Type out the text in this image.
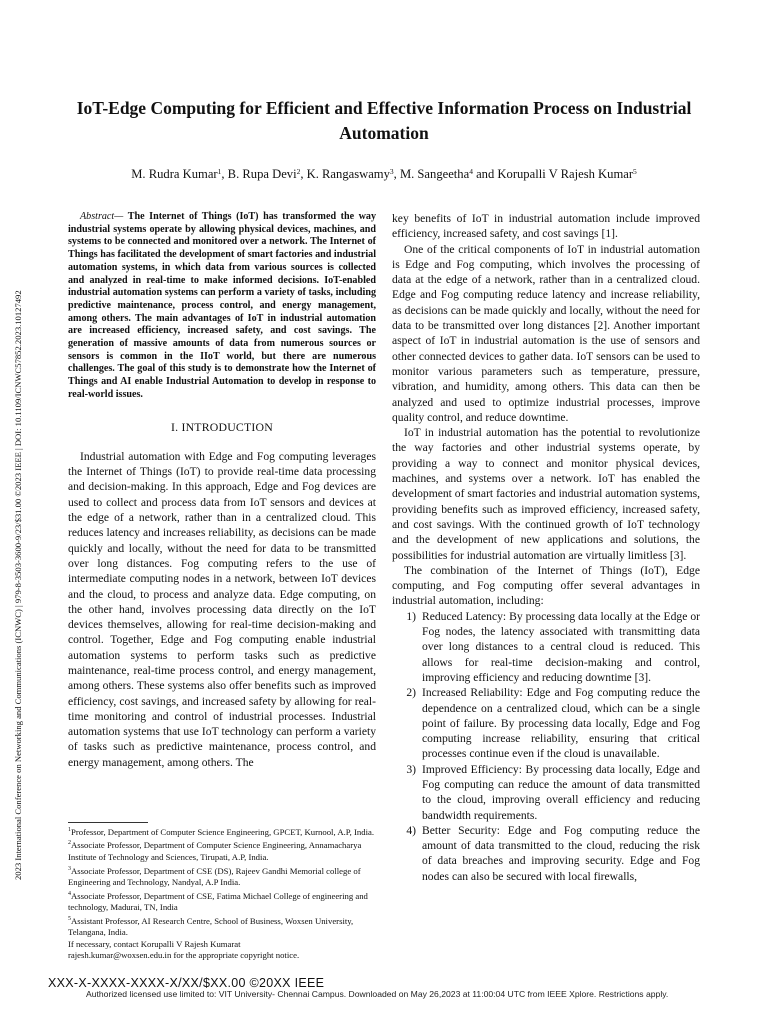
2023 International Conference on Networking and Communications (ICNWC) | 979-8-3503-3600-9/23/$31.00 ©2023 IEEE | DOI: 10.1109/ICNWC57852.2023.10127492
IoT-Edge Computing for Efficient and Effective Information Process on Industrial Automation
M. Rudra Kumar$^1$, B. Rupa Devi$^2$, K. Rangaswamy$^3$, M. Sangeetha$^4$ and Korupalli V Rajesh Kumar$^5$

Abstract— The Internet of Things (IoT) has transformed the way industrial systems operate by allowing physical devices, machines, and systems to be connected and monitored over a network. The Internet of Things has facilitated the development of smart factories and industrial automation systems, in which data from various sources is collected and analyzed in real-time to make informed decisions. IoT-enabled industrial automation systems can perform a variety of tasks, including predictive maintenance, process control, and energy management, among others. The main advantages of IoT in industrial automation are increased efficiency, increased safety, and cost savings. The generation of massive amounts of data from numerous sources or sensors is common in the IIoT world, but there are numerous challenges. The goal of this study is to demonstrate how the Internet of Things and AI enable Industrial Automation to develop in response to real-world issues.

I. INTRODUCTION

Industrial automation with Edge and Fog computing leverages the Internet of Things (IoT) to provide real-time data processing and decision-making. In this approach, Edge and Fog devices are used to collect and process data from IoT sensors and devices at the edge of a network, rather than in a centralized cloud. This reduces latency and increases reliability, as decisions can be made quickly and locally, without the need for data to be transmitted over long distances. Fog computing refers to the use of intermediate computing nodes in a network, between IoT devices and the cloud, to process and analyze data. Edge computing, on the other hand, involves processing data directly on the IoT devices themselves, allowing for real-time decision-making and control. Together, Edge and Fog computing enable industrial automation systems to perform tasks such as predictive maintenance, real-time process control, and energy management, among others. These systems also offer benefits such as improved efficiency, cost savings, and increased safety by allowing for real-time monitoring and control of industrial processes. Industrial automation systems that use IoT technology can perform a variety of tasks such as predictive maintenance, process control, and energy management, among others. The

$^1$Professor, Department of Computer Science Engineering, GPCET, Kurnool, A.P, India.

$^2$Associate Professor, Department of Computer Science Engineering, Annamacharya Institute of Technology and Sciences, Tirupati, A.P, India.

$^3$Associate Professor, Department of CSE (DS), Rajeev Gandhi Memorial college of Engineering and Technology, Nandyal, A.P India.

$^4$Associate Professor, Department of CSE, Fatima Michael College of engineering and technology, Madurai, TN, India

$^5$Assistant Professor, AI Research Centre, School of Business, Woxsen University, Telangana, India.

If necessary, contact Korupalli V Rajesh Kumarat

rajesh.kumar@woxsen.edu.in for the appropriate copyright notice.

key benefits of IoT in industrial automation include improved efficiency, increased safety, and cost savings [1].

One of the critical components of IoT in industrial automation is Edge and Fog computing, which involves the processing of data at the edge of a network, rather than in a centralized cloud. Edge and Fog computing reduce latency and increase reliability, as decisions can be made quickly and locally, without the need for data to be transmitted over long distances [2]. Another important aspect of IoT in industrial automation is the use of sensors and other connected devices to gather data. IoT sensors can be used to monitor various parameters such as temperature, pressure, vibration, and humidity, among others. This data can then be analyzed and used to optimize industrial processes, improve quality control, and reduce downtime.

IoT in industrial automation has the potential to revolutionize the way factories and other industrial systems operate, by providing a way to connect and monitor physical devices, machines, and systems over a network. IoT has enabled the development of smart factories and industrial automation systems, providing benefits such as improved efficiency, increased safety, and cost savings. With the continued growth of IoT technology and the development of new applications and solutions, the possibilities for industrial automation are virtually limitless [3].

The combination of the Internet of Things (IoT), Edge computing, and Fog computing offer several advantages in industrial automation, including:

1) Reduced Latency: By processing data locally at the Edge or Fog nodes, the latency associated with transmitting data over long distances to a central cloud is reduced. This allows for real-time decision-making and control, improving efficiency and reducing downtime [3].
2) Increased Reliability: Edge and Fog computing reduce the dependence on a centralized cloud, which can be a single point of failure. By processing data locally, Edge and Fog computing increase reliability, ensuring that critical processes continue even if the cloud is unavailable.
3) Improved Efficiency: By processing data locally, Edge and Fog computing can reduce the amount of data transmitted to the cloud, improving overall efficiency and reducing bandwidth requirements.
4) Better Security: Edge and Fog computing reduce the amount of data transmitted to the cloud, reducing the risk of data breaches and improving security. Edge and Fog nodes can also be secured with local firewalls,
XXX-X-XXXX-XXXX-X/XX/$XX.00 ©20XX IEEE
Authorized licensed use limited to: VIT University- Chennai Campus. Downloaded on May 26,2023 at 11:00:04 UTC from IEEE Xplore. Restrictions apply.
